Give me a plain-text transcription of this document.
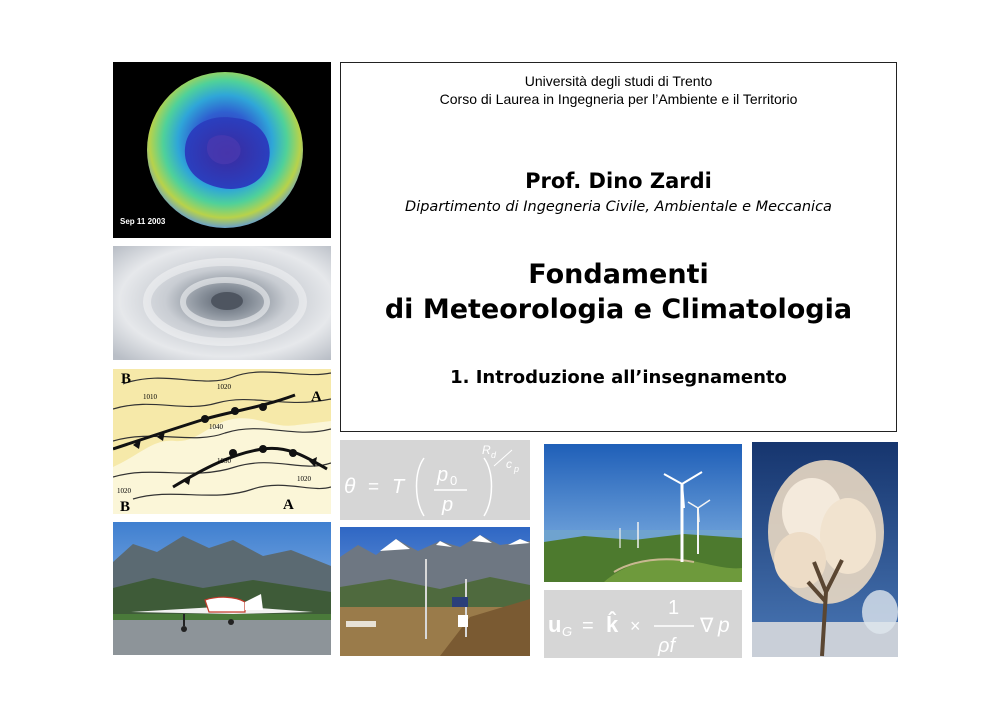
Sep 11 2003
B
B
A
A
1010
1020
1030
1040
1020
1020
Università degli studi di Trento
Corso di Laurea in Ingegneria per l’Ambiente e il Territorio
Prof. Dino Zardi
Dipartimento di Ingegneria Civile, Ambientale e Meccanica
Fondamenti
di Meteorologia e Climatologia
1. Introduzione all’insegnamento
θ = T
p 0
p
R d
c p
u G = k̂ ×
1
ρf
∇ p
